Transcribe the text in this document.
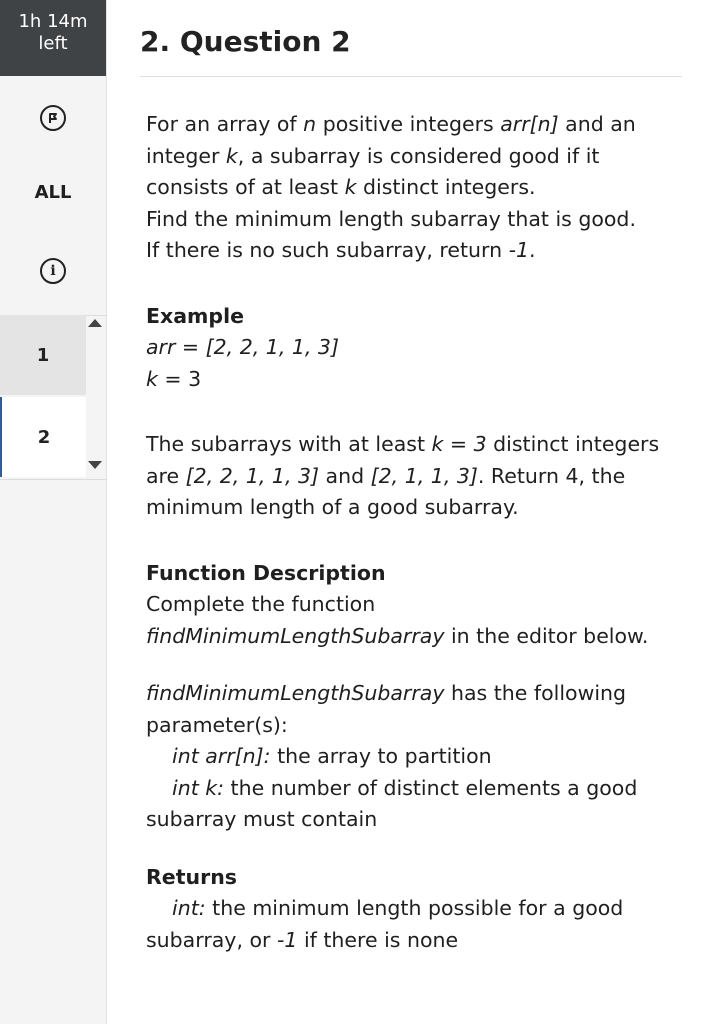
1h 14m
left
ALL
i
1
2
2. Question 2

For an array of n positive integers arr[n] and an integer k, a subarray is considered good if it consists of at least k distinct integers.

Find the minimum length subarray that is good.

If there is no such subarray, return -1.

Example

arr = [2, 2, 1, 1, 3]

k = 3

The subarrays with at least k = 3 distinct integers are [2, 2, 1, 1, 3] and [2, 1, 1, 3]. Return 4, the minimum length of a good subarray.

Function Description

Complete the function findMinimumLengthSubarray in the editor below.

findMinimumLengthSubarray has the following parameter(s):

int arr[n]: the array to partition

int k: the number of distinct elements a good subarray must contain

Returns

int: the minimum length possible for a good subarray, or -1 if there is none
